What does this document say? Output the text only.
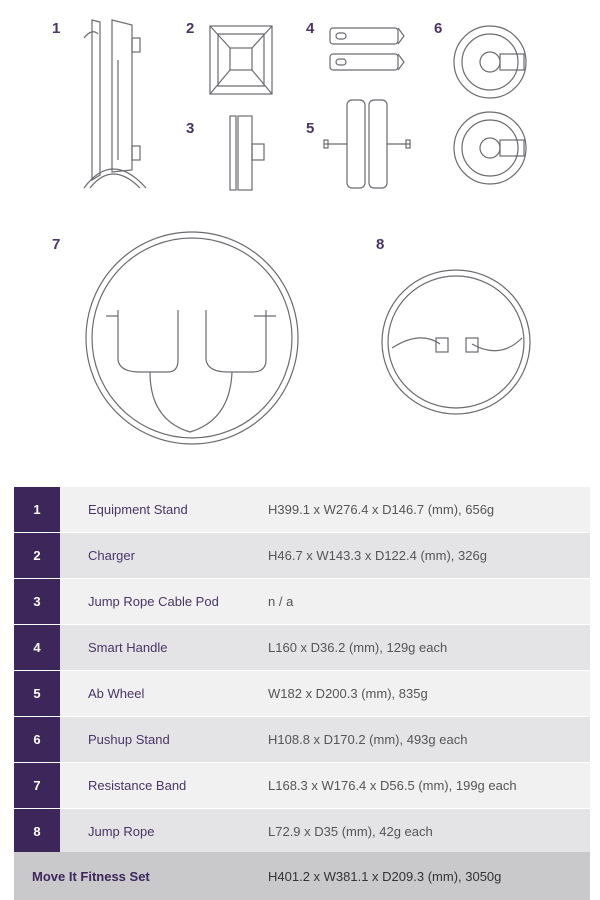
1	2
3
4
5
6
7	8
1	Equipment Stand	H399.1 x W276.4 x D146.7 (mm), 656g
2	Charger	H46.7 x W143.3 x D122.4 (mm), 326g
3	Jump Rope Cable Pod	n / a
4	Smart Handle	L160 x D36.2 (mm), 129g each
5	Ab Wheel	W182 x D200.3 (mm), 835g
6	Pushup Stand	H108.8 x D170.2 (mm), 493g each
7	Resistance Band	L168.3 x W176.4 x D56.5 (mm), 199g each
8	Jump Rope	L72.9 x D35 (mm), 42g each
Move It Fitness Set	H401.2 x W381.1 x D209.3 (mm), 3050g
